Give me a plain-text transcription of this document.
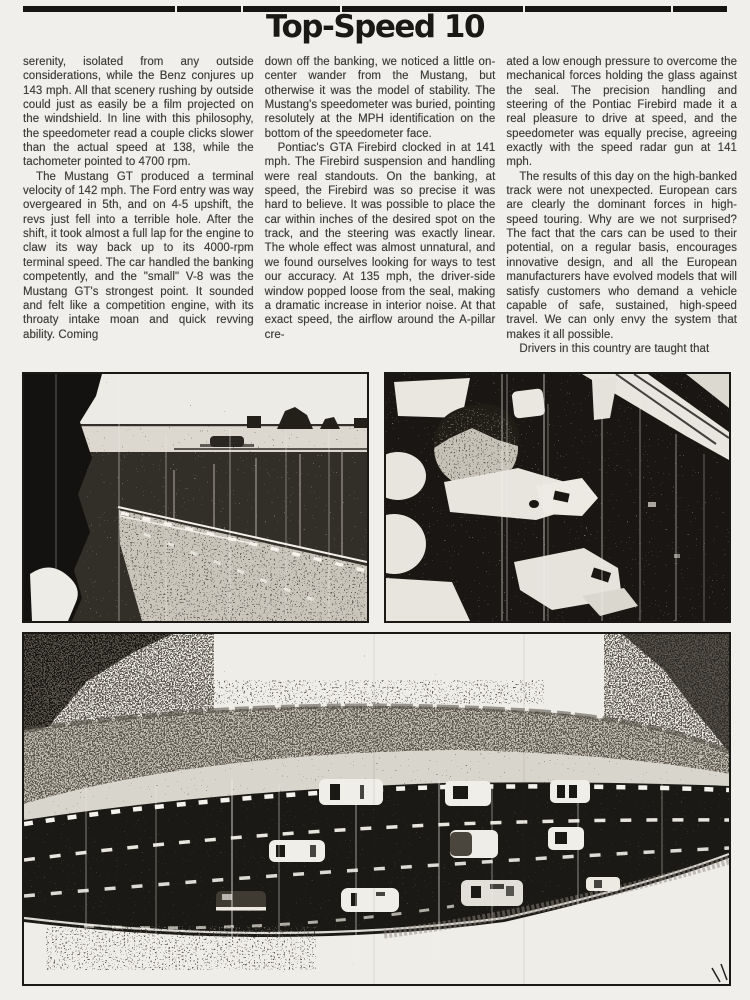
Top-Speed 10

serenity, isolated from any outside considerations, while the Benz conjures up 143 mph. All that scenery rushing by outside could just as easily be a film projected on the windshield. In line with this philosophy, the speedometer read a couple clicks slower than the actual speed at 138, while the tachometer pointed to 4700 rpm.

The Mustang GT produced a terminal velocity of 142 mph. The Ford entry was way overgeared in 5th, and on 4-5 upshift, the revs just fell into a terrible hole. After the shift, it took almost a full lap for the engine to claw its way back up to its 4000-rpm terminal speed. The car handled the banking competently, and the "small" V-8 was the Mustang GT's strongest point. It sounded and felt like a competition engine, with its throaty intake moan and quick revving ability. Coming

down off the banking, we noticed a little on-center wander from the Mustang, but otherwise it was the model of stability. The Mustang's speedometer was buried, pointing resolutely at the MPH identification on the bottom of the speedometer face.

Pontiac's GTA Firebird clocked in at 141 mph. The Firebird suspension and handling were real standouts. On the banking, at speed, the Firebird was so precise it was hard to believe. It was possible to place the car within inches of the desired spot on the track, and the steering was exactly linear. The whole effect was almost unnatural, and we found ourselves looking for ways to test our accuracy. At 135 mph, the driver-side window popped loose from the seal, making a dramatic increase in interior noise. At that exact speed, the airflow around the A-pillar cre-

ated a low enough pressure to overcome the mechanical forces holding the glass against the seal. The precision handling and steering of the Pontiac Firebird made it a real pleasure to drive at speed, and the speedometer was equally precise, agreeing exactly with the speed radar gun at 141 mph.

The results of this day on the high-banked track were not unexpected. European cars are clearly the dominant forces in high-speed touring. Why are we not surprised? The fact that the cars can be used to their potential, on a regular basis, encourages innovative design, and all the European manufacturers have evolved models that will satisfy customers who demand a vehicle capable of safe, sustained, high-speed travel. We can only envy the system that makes it all possible.

Drivers in this country are taught that
